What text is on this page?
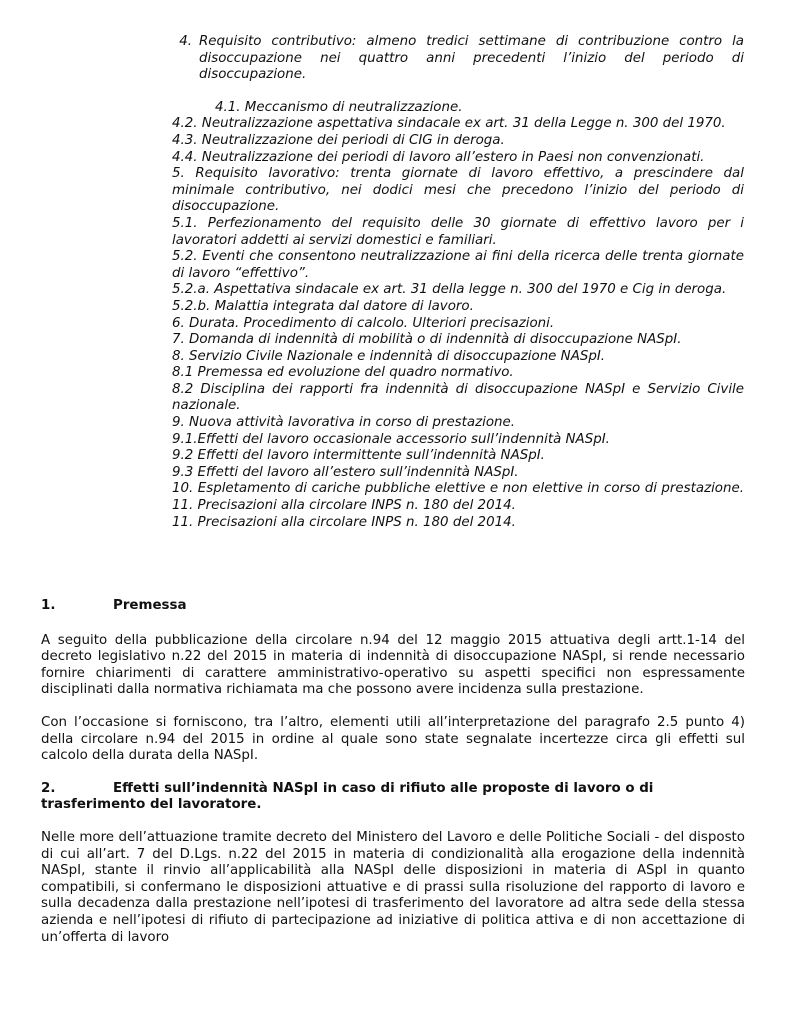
4. Requisito contributivo: almeno tredici settimane di contribuzione contro la disoccupazione nei quattro anni precedenti l’inizio del periodo di disoccupazione.

4.1. Meccanismo di neutralizzazione.

4.2. Neutralizzazione aspettativa sindacale ex art. 31 della Legge n. 300 del 1970.

4.3. Neutralizzazione dei periodi di CIG in deroga.

4.4. Neutralizzazione dei periodi di lavoro all’estero in Paesi non convenzionati.

5. Requisito lavorativo: trenta giornate di lavoro effettivo, a prescindere dal minimale contributivo, nei dodici mesi che precedono l’inizio del periodo di disoccupazione.

5.1. Perfezionamento del requisito delle 30 giornate di effettivo lavoro per i lavoratori addetti ai servizi domestici e familiari.

5.2. Eventi che consentono neutralizzazione ai fini della ricerca delle trenta giornate di lavoro “effettivo”.

5.2.a. Aspettativa sindacale ex art. 31 della legge n. 300 del 1970 e Cig in deroga.

5.2.b. Malattia integrata dal datore di lavoro.

6. Durata. Procedimento di calcolo. Ulteriori precisazioni.

7. Domanda di indennità di mobilità o di indennità di disoccupazione NASpI.

8. Servizio Civile Nazionale e indennità di disoccupazione NASpI.

8.1 Premessa ed evoluzione del quadro normativo.

8.2 Disciplina dei rapporti fra indennità di disoccupazione NASpI e Servizio Civile nazionale.

9. Nuova attività lavorativa in corso di prestazione.

9.1.Effetti del lavoro occasionale accessorio sull’indennità NASpI.

9.2 Effetti del lavoro intermittente sull’indennità NASpI.

9.3 Effetti del lavoro all’estero sull’indennità NASpI.

10. Espletamento di cariche pubbliche elettive e non elettive in corso di prestazione. 11. Precisazioni alla circolare INPS n. 180 del 2014.

11. Precisazioni alla circolare INPS n. 180 del 2014.

1.	Premessa

A seguito della pubblicazione della circolare n.94 del 12 maggio 2015 attuativa degli artt.1-14 del decreto legislativo n.22 del 2015 in materia di indennità di disoccupazione NASpI, si rende necessario fornire chiarimenti di carattere amministrativo-operativo su aspetti specifici non espressamente disciplinati dalla normativa richiamata ma che possono avere incidenza sulla prestazione.

Con l’occasione si forniscono, tra l’altro, elementi utili all’interpretazione del paragrafo 2.5 punto 4) della circolare n.94 del 2015 in ordine al quale sono state segnalate incertezze circa gli effetti sul calcolo della durata della NASpI.

2.	Effetti sull’indennità NASpI in caso di rifiuto alle proposte di lavoro o di trasferimento del lavoratore.

Nelle more dell’attuazione tramite decreto del Ministero del Lavoro e delle Politiche Sociali - del disposto di cui all’art. 7 del D.Lgs. n.22 del 2015 in materia di condizionalità alla erogazione della indennità NASpI, stante il rinvio all’applicabilità alla NASpI delle disposizioni in materia di ASpI in quanto compatibili, si confermano le disposizioni attuative e di prassi sulla risoluzione del rapporto di lavoro e sulla decadenza dalla prestazione nell’ipotesi di trasferimento del lavoratore ad altra sede della stessa azienda e nell’ipotesi di rifiuto di partecipazione ad iniziative di politica attiva e di non accettazione di un’offerta di lavoro
